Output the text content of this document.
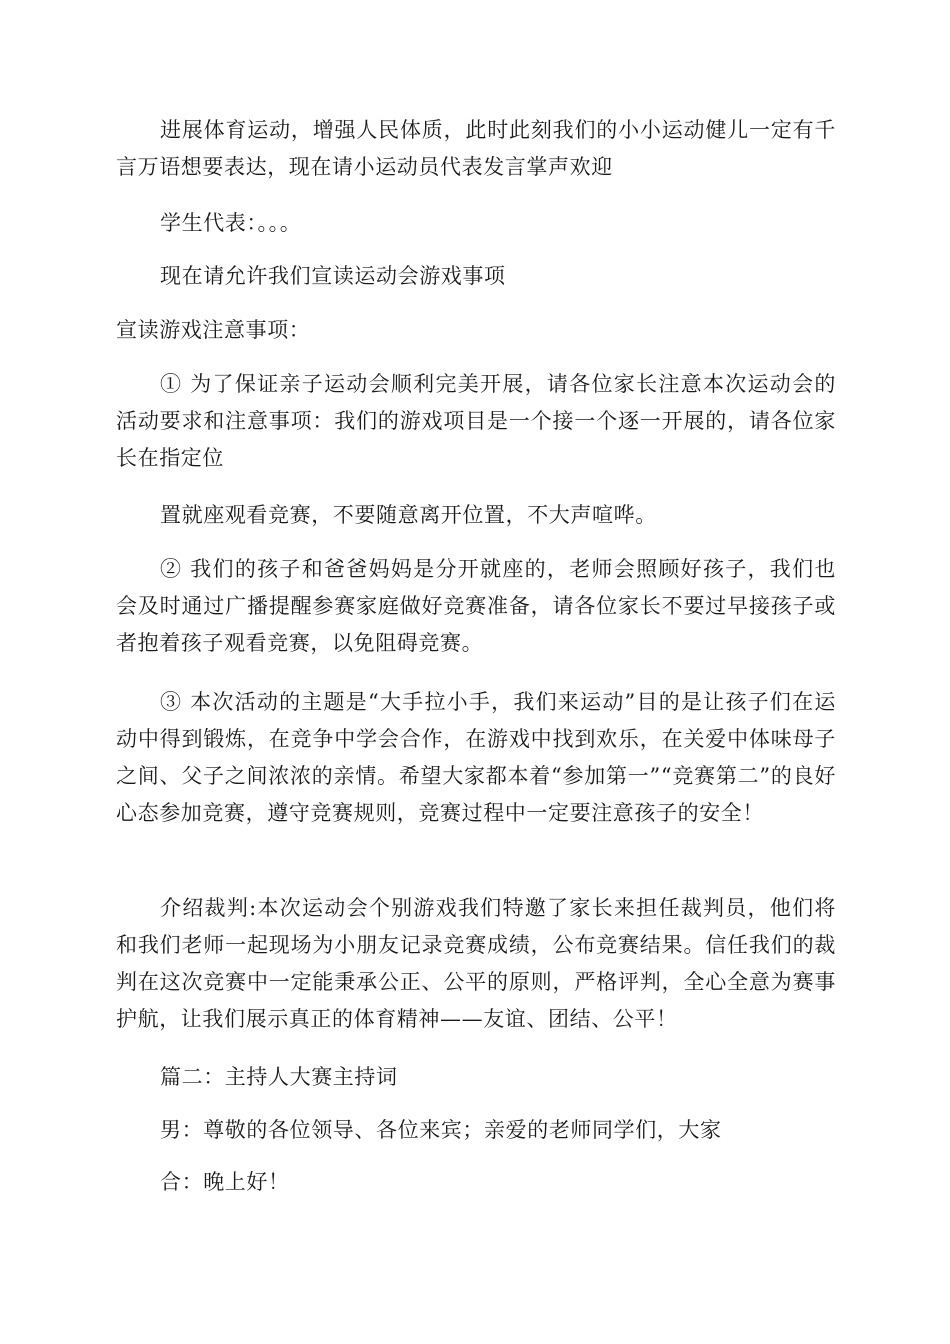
进展体育运动，增强人民体质，此时此刻我们的小小运动健儿一定有千言万语想要表达，现在请小运动员代表发言掌声欢迎

学生代表：。。。

现在请允许我们宣读运动会游戏事项

宣读游戏注意事项：

① 为了保证亲子运动会顺利完美开展，请各位家长注意本次运动会的活动要求和注意事项：我们的游戏项目是一个接一个逐一开展的，请各位家长在指定位

置就座观看竞赛，不要随意离开位置，不大声喧哗。

② 我们的孩子和爸爸妈妈是分开就座的，老师会照顾好孩子，我们也会及时通过广播提醒参赛家庭做好竞赛准备，请各位家长不要过早接孩子或者抱着孩子观看竞赛，以免阻碍竞赛。

③ 本次活动的主题是“大手拉小手，我们来运动”目的是让孩子们在运动中得到锻炼，在竞争中学会合作，在游戏中找到欢乐，在关爱中体味母子之间、父子之间浓浓的亲情。希望大家都本着“参加第一”“竞赛第二”的良好心态参加竞赛，遵守竞赛规则，竞赛过程中一定要注意孩子的安全！

介绍裁判:本次运动会个别游戏我们特邀了家长来担任裁判员，他们将和我们老师一起现场为小朋友记录竞赛成绩，公布竞赛结果。信任我们的裁判在这次竞赛中一定能秉承公正、公平的原则，严格评判，全心全意为赛事护航，让我们展示真正的体育精神——友谊、团结、公平！

篇二：主持人大赛主持词

男：尊敬的各位领导、各位来宾；亲爱的老师同学们，大家

合：晚上好！
